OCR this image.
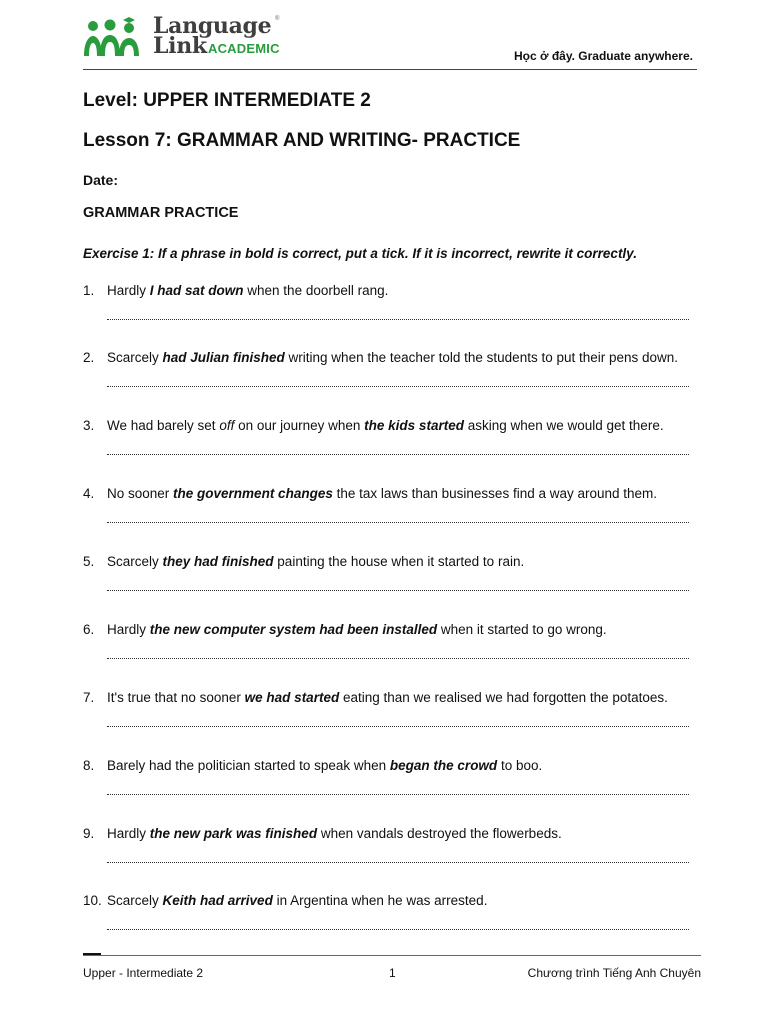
Language
Link ACADEMIC
®
Học ở đây. Graduate anywhere.
Level: UPPER INTERMEDIATE 2
Lesson 7: GRAMMAR AND WRITING- PRACTICE
Date:
GRAMMAR PRACTICE
Exercise 1: If a phrase in bold is correct, put a tick. If it is incorrect, rewrite it correctly.
1. Hardly I had sat down when the doorbell rang.
2. Scarcely had Julian finished writing when the teacher told the students to put their pens down.
3. We had barely set off on our journey when the kids started asking when we would get there.
4. No sooner the government changes the tax laws than businesses find a way around them.
5. Scarcely they had finished painting the house when it started to rain.
6. Hardly the new computer system had been installed when it started to go wrong.
7. It's true that no sooner we had started eating than we realised we had forgotten the potatoes.
8. Barely had the politician started to speak when began the crowd to boo.
9. Hardly the new park was finished when vandals destroyed the flowerbeds.
10. Scarcely Keith had arrived in Argentina when he was arrested.
Upper - Intermediate 2	1	Chương trình Tiếng Anh Chuyên
